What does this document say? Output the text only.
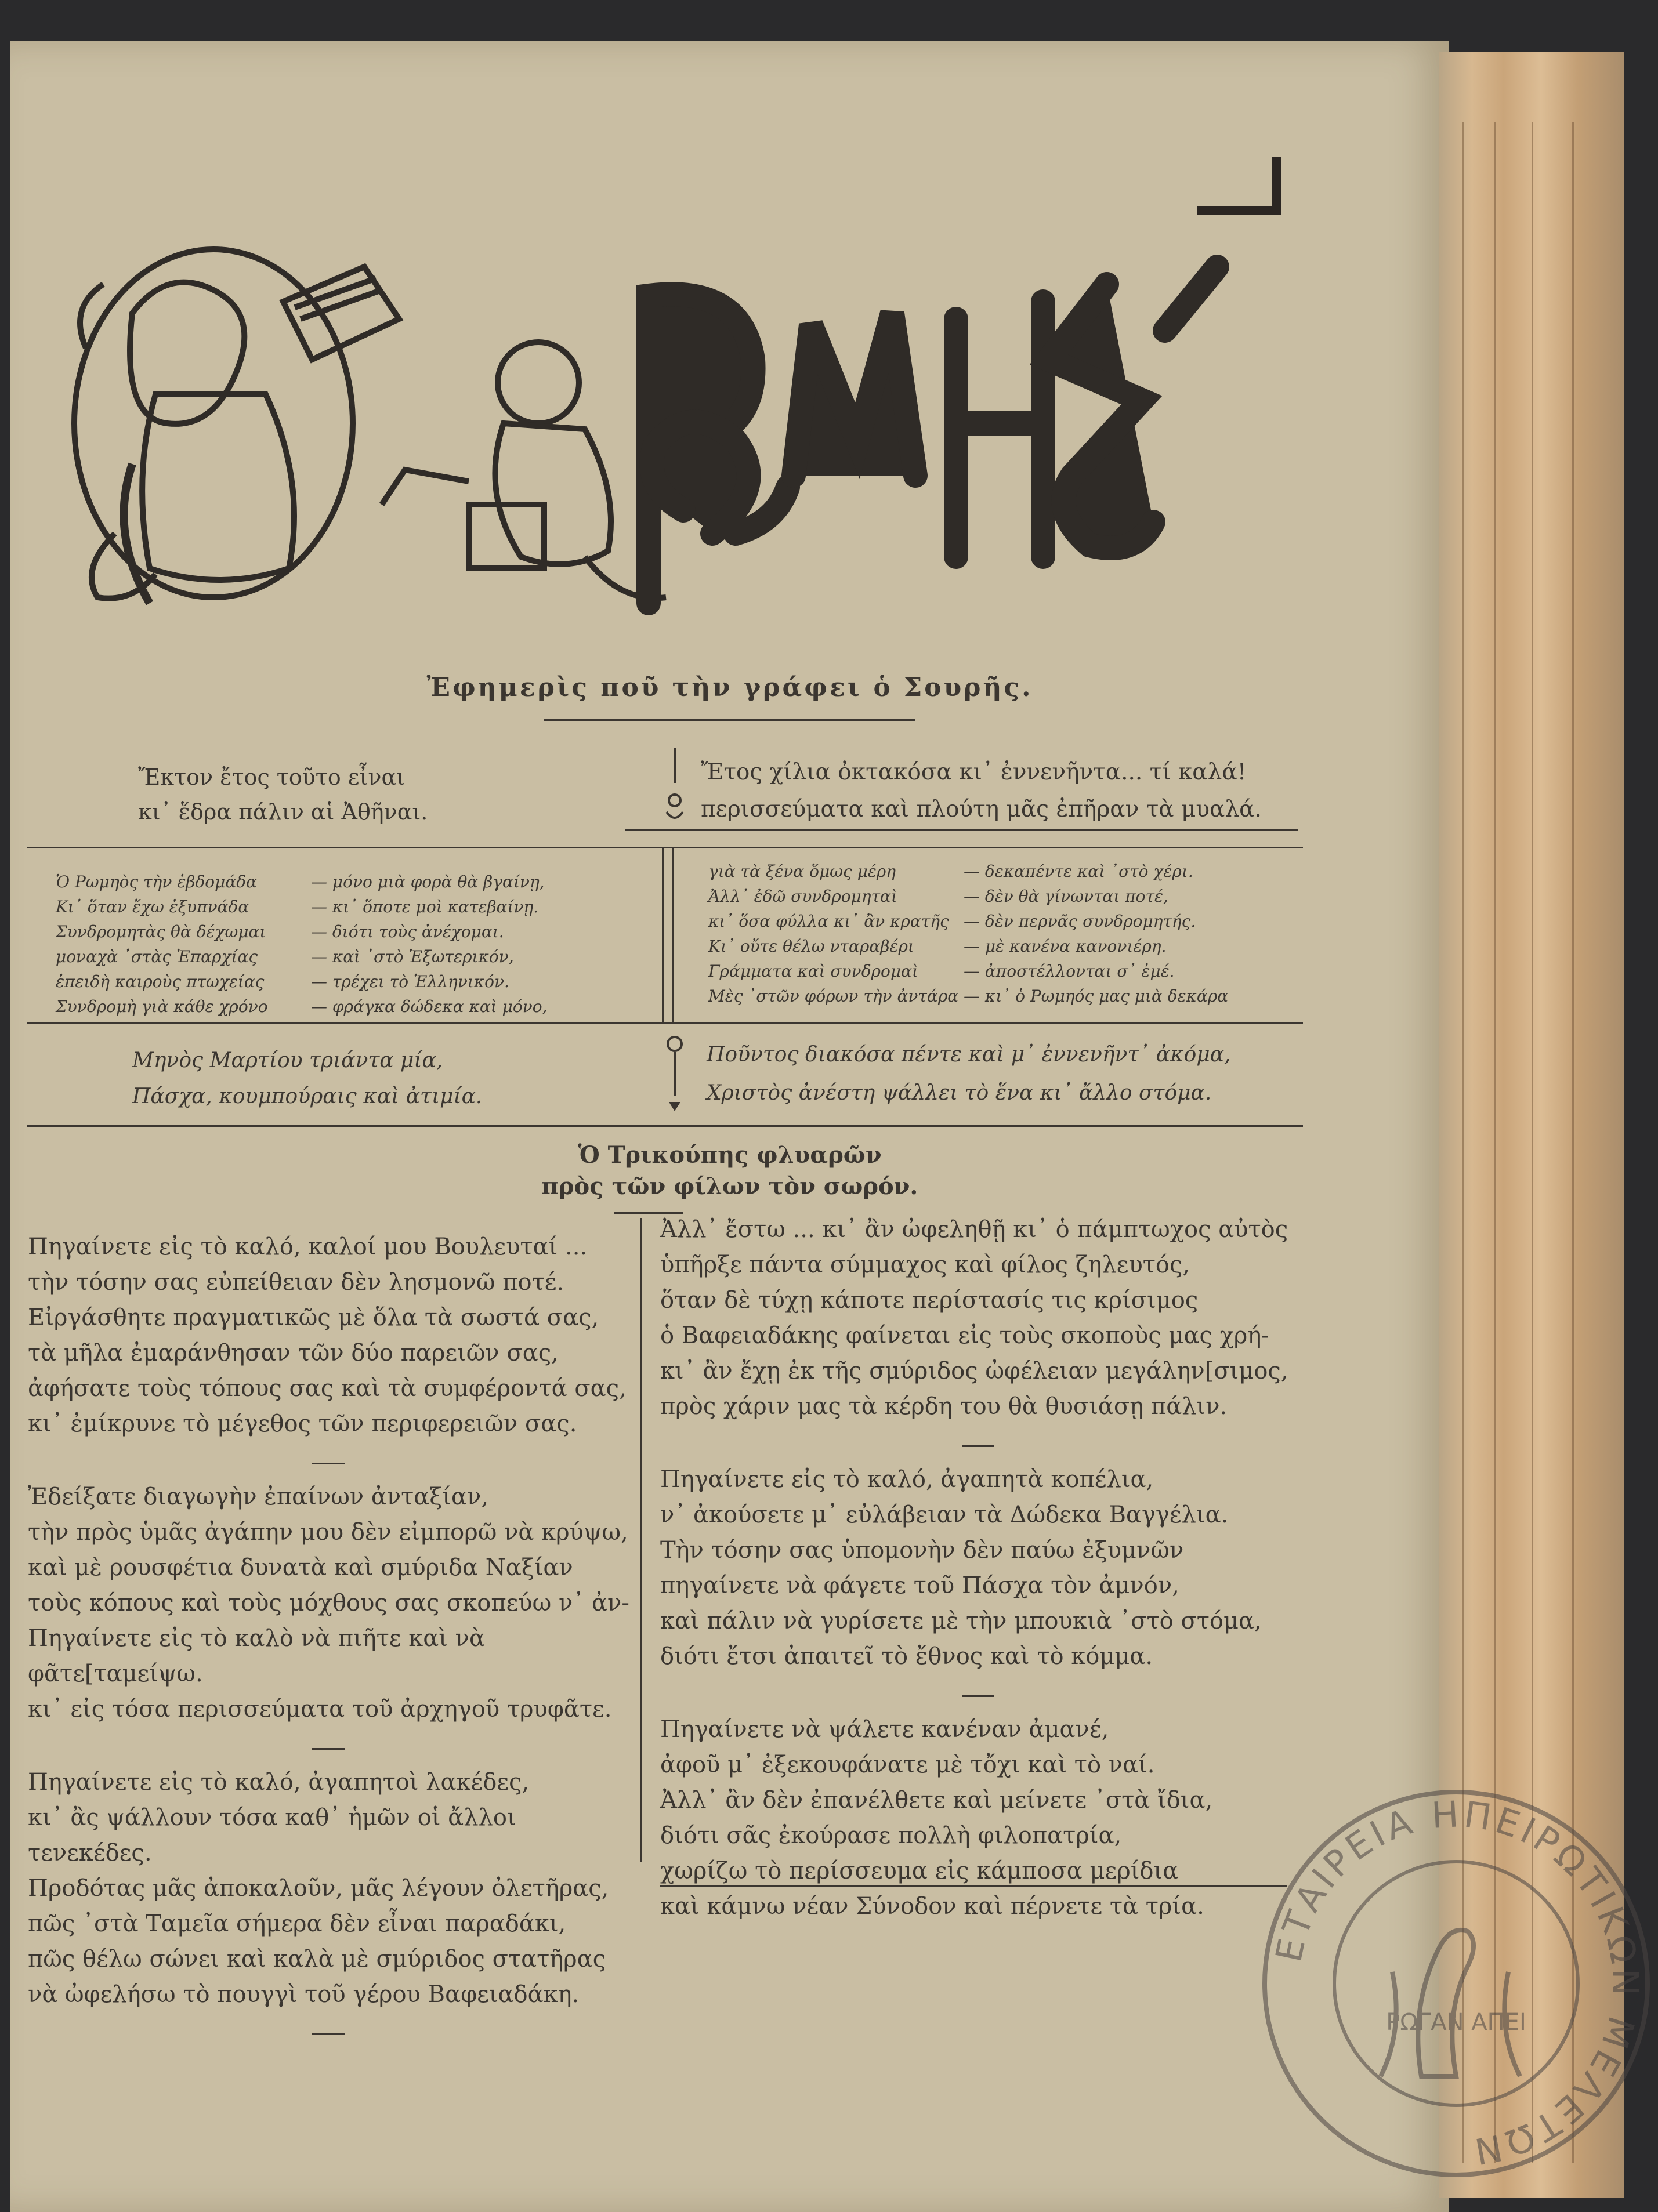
ΡΩΜΗΟΣ
Ἐφημερὶς ποῦ τὴν γράφει ὁ Σουρῆς.
Ἔκτον ἔτος τοῦτο εἶναι
κι᾽ ἕδρα πάλιν αἱ Ἀθῆναι.
Ἔτος χίλια ὀκτακόσα κι᾽ ἐννενῆντα... τί καλά!
περισσεύματα καὶ πλούτη μᾶς ἐπῆραν τὰ μυαλά.
Ὁ Ρωμηὸς τὴν ἑβδομάδα	— μόνο μιὰ φορὰ θὰ βγαίνῃ,
Κι᾽ ὅταν ἔχω ἐξυπνάδα	— κι᾽ ὅποτε μοὶ κατεβαίνῃ.
Συνδρομητὰς θὰ δέχωμαι	— διότι τοὺς ἀνέχομαι.
μοναχὰ ᾽στὰς Ἐπαρχίας	— καὶ ᾽στὸ Ἐξωτερικόν,
ἐπειδὴ καιροὺς πτωχείας	— τρέχει τὸ Ἑλληνικόν.
Συνδρομὴ γιὰ κάθε χρόνο	— φράγκα δώδεκα καὶ μόνο,
γιὰ τὰ ξένα ὅμως μέρη	— δεκαπέντε καὶ ᾽στὸ χέρι.
Ἀλλ᾽ ἐδῶ συνδρομηταὶ	— δὲν θὰ γίνωνται ποτέ,
κι᾽ ὅσα φύλλα κι᾽ ἂν κρατῆς — δὲν περνᾶς συνδρομητής.
Κι᾽ οὔτε θέλω νταραβέρι	— μὲ κανένα κανονιέρη.
Γράμματα καὶ συνδρομαὶ	— ἀποστέλλονται σ᾽ ἐμέ.
Μὲς ᾽στῶν φόρων τὴν ἀντάρα — κι᾽ ὁ Ρωμηός μας μιὰ δεκάρα
Μηνὸς Μαρτίου τριάντα μία,
Πάσχα, κουμπούραις καὶ ἀτιμία.
Ποῦντος διακόσα πέντε καὶ μ᾽ ἐννενῆντ᾽ ἀκόμα,
Χριστὸς ἀνέστη ψάλλει τὸ ἕνα κι᾽ ἄλλο στόμα.
Ὁ Τρικούπης φλυαρῶν
πρὸς τῶν φίλων τὸν σωρόν.
Πηγαίνετε εἰς τὸ καλό, καλοί μου Βουλευταί ...
τὴν τόσην σας εὐπείθειαν δὲν λησμονῶ ποτέ.
Εἰργάσθητε πραγματικῶς μὲ ὅλα τὰ σωστά σας,
τὰ μῆλα ἐμαράνθησαν τῶν δύο παρειῶν σας,
ἀφήσατε τοὺς τόπους σας καὶ τὰ συμφέροντά σας,
κι᾽ ἐμίκρυνε τὸ μέγεθος τῶν περιφερειῶν σας.
Ἐδείξατε διαγωγὴν ἐπαίνων ἀνταξίαν,
τὴν πρὸς ὑμᾶς ἀγάπην μου δὲν εἰμπορῶ νὰ κρύψω,
καὶ μὲ ρουσφέτια δυνατὰ καὶ σμύριδα Ναξίαν
τοὺς κόπους καὶ τοὺς μόχθους σας σκοπεύω ν᾽ ἀν-
Πηγαίνετε εἰς τὸ καλὸ νὰ πιῆτε καὶ νὰ φᾶτε[ταμείψω.
κι᾽ εἰς τόσα περισσεύματα τοῦ ἀρχηγοῦ τρυφᾶτε.
Πηγαίνετε εἰς τὸ καλό, ἀγαπητοὶ λακέδες,
κι᾽ ἂς ψάλλουν τόσα καθ᾽ ἡμῶν οἱ ἄλλοι τενεκέδες.
Προδότας μᾶς ἀποκαλοῦν, μᾶς λέγουν ὀλετῆρας,
πῶς ᾽στὰ Ταμεῖα σήμερα δὲν εἶναι παραδάκι,
πῶς θέλω σώνει καὶ καλὰ μὲ σμύριδος στατῆρας
νὰ ὠφελήσω τὸ πουγγὶ τοῦ γέρου Βαφειαδάκη.
Ἀλλ᾽ ἔστω ... κι᾽ ἂν ὠφεληθῇ κι᾽ ὁ πάμπτωχος αὐτὸς
ὑπῆρξε πάντα σύμμαχος καὶ φίλος ζηλευτός,
ὅταν δὲ τύχῃ κάποτε περίστασίς τις κρίσιμος
ὁ Βαφειαδάκης φαίνεται εἰς τοὺς σκοποὺς μας χρή-
κι᾽ ἂν ἔχῃ ἐκ τῆς σμύριδος ὠφέλειαν μεγάλην[σιμος,
πρὸς χάριν μας τὰ κέρδη του θὰ θυσιάσῃ πάλιν.
Πηγαίνετε εἰς τὸ καλό, ἀγαπητὰ κοπέλια,
ν᾽ ἀκούσετε μ᾽ εὐλάβειαν τὰ Δώδεκα Βαγγέλια.
Τὴν τόσην σας ὑπομονὴν δὲν παύω ἐξυμνῶν
πηγαίνετε νὰ φάγετε τοῦ Πάσχα τὸν ἀμνόν,
καὶ πάλιν νὰ γυρίσετε μὲ τὴν μπουκιὰ ᾽στὸ στόμα,
διότι ἔτσι ἀπαιτεῖ τὸ ἔθνος καὶ τὸ κόμμα.
Πηγαίνετε νὰ ψάλετε κανέναν ἀμανέ,
ἀφοῦ μ᾽ ἐξεκουφάνατε μὲ τὄχι καὶ τὸ ναί.
Ἀλλ᾽ ἂν δὲν ἐπανέλθετε καὶ μείνετε ᾽στὰ ἴδια,
διότι σᾶς ἐκούρασε πολλὴ φιλοπατρία,
χωρίζω τὸ περίσσευμα εἰς κάμποσα μερίδια
καὶ κάμνω νέαν Σύνοδον καὶ πέρνετε τὰ τρία.
ΕΤΑΙΡΕΙΑ ΗΠΕΙΡΩΤΙΚΩΝ ΜΕΛΕΤΩΝ
ΡΩΓΑΝ ΑΠΕΙ
